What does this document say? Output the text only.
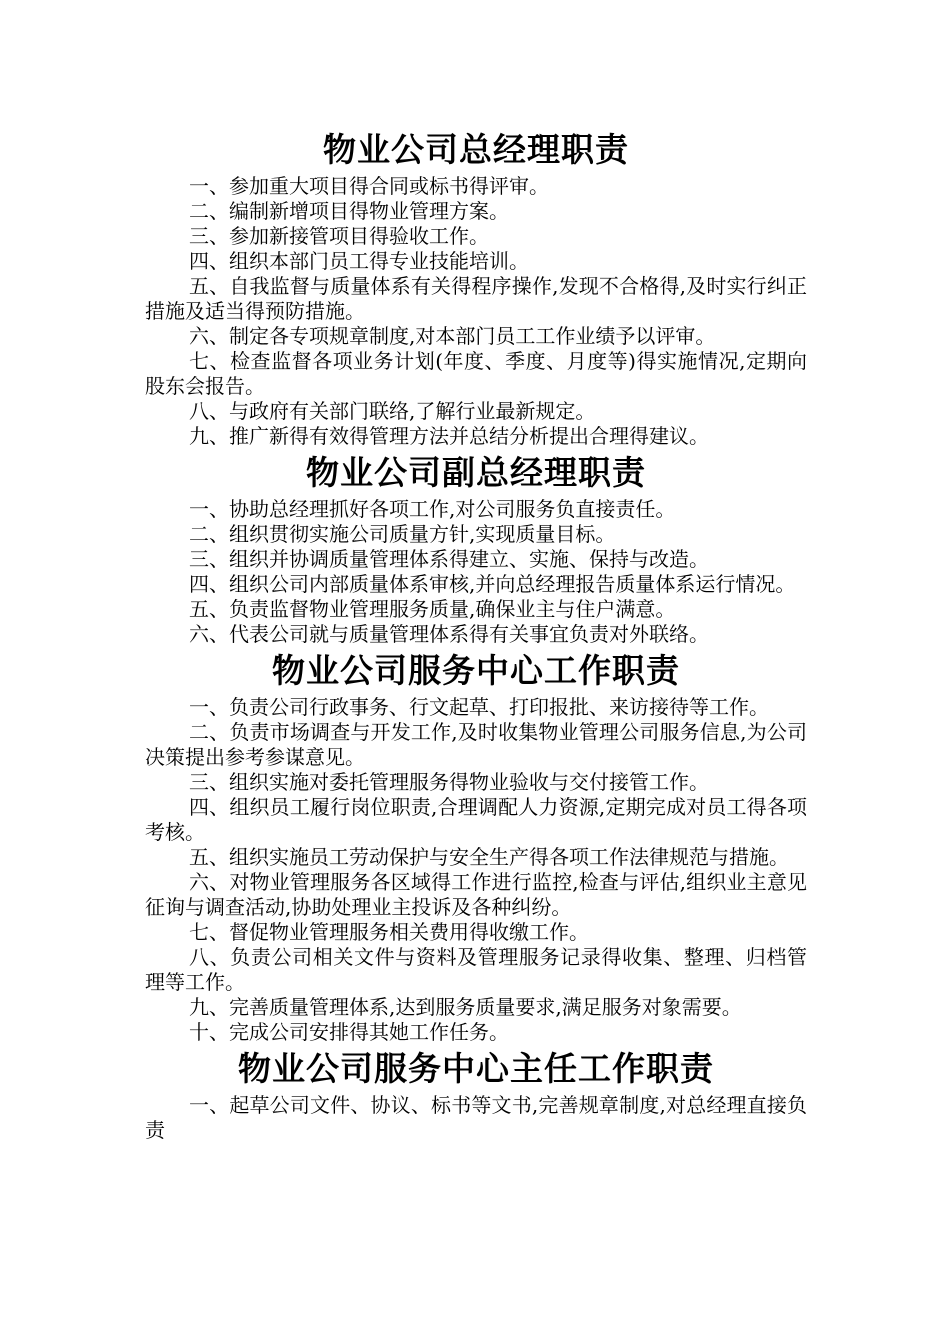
物业公司总经理职责

一、参加重大项目得合同或标书得评审。

二、编制新增项目得物业管理方案。

三、参加新接管项目得验收工作。

四、组织本部门员工得专业技能培训。

五、自我监督与质量体系有关得程序操作,发现不合格得,及时实行纠正措施及适当得预防措施。

六、制定各专项规章制度,对本部门员工工作业绩予以评审。

七、检查监督各项业务计划(年度、季度、月度等)得实施情况,定期向股东会报告。

八、与政府有关部门联络,了解行业最新规定。

九、推广新得有效得管理方法并总结分析提出合理得建议。

物业公司副总经理职责

一、协助总经理抓好各项工作,对公司服务负直接责任。

二、组织贯彻实施公司质量方针,实现质量目标。

三、组织并协调质量管理体系得建立、实施、保持与改造。

四、组织公司内部质量体系审核,并向总经理报告质量体系运行情况。

五、负责监督物业管理服务质量,确保业主与住户满意。

六、代表公司就与质量管理体系得有关事宜负责对外联络。

物业公司服务中心工作职责

一、负责公司行政事务、行文起草、打印报批、来访接待等工作。

二、负责市场调查与开发工作,及时收集物业管理公司服务信息,为公司决策提出参考参谋意见。

三、组织实施对委托管理服务得物业验收与交付接管工作。

四、组织员工履行岗位职责,合理调配人力资源,定期完成对员工得各项考核。

五、组织实施员工劳动保护与安全生产得各项工作法律规范与措施。

六、对物业管理服务各区域得工作进行监控,检查与评估,组织业主意见征询与调查活动,协助处理业主投诉及各种纠纷。

七、督促物业管理服务相关费用得收缴工作。

八、负责公司相关文件与资料及管理服务记录得收集、整理、归档管理等工作。

九、完善质量管理体系,达到服务质量要求,满足服务对象需要。

十、完成公司安排得其她工作任务。

物业公司服务中心主任工作职责

一、起草公司文件、协议、标书等文书,完善规章制度,对总经理直接负责
